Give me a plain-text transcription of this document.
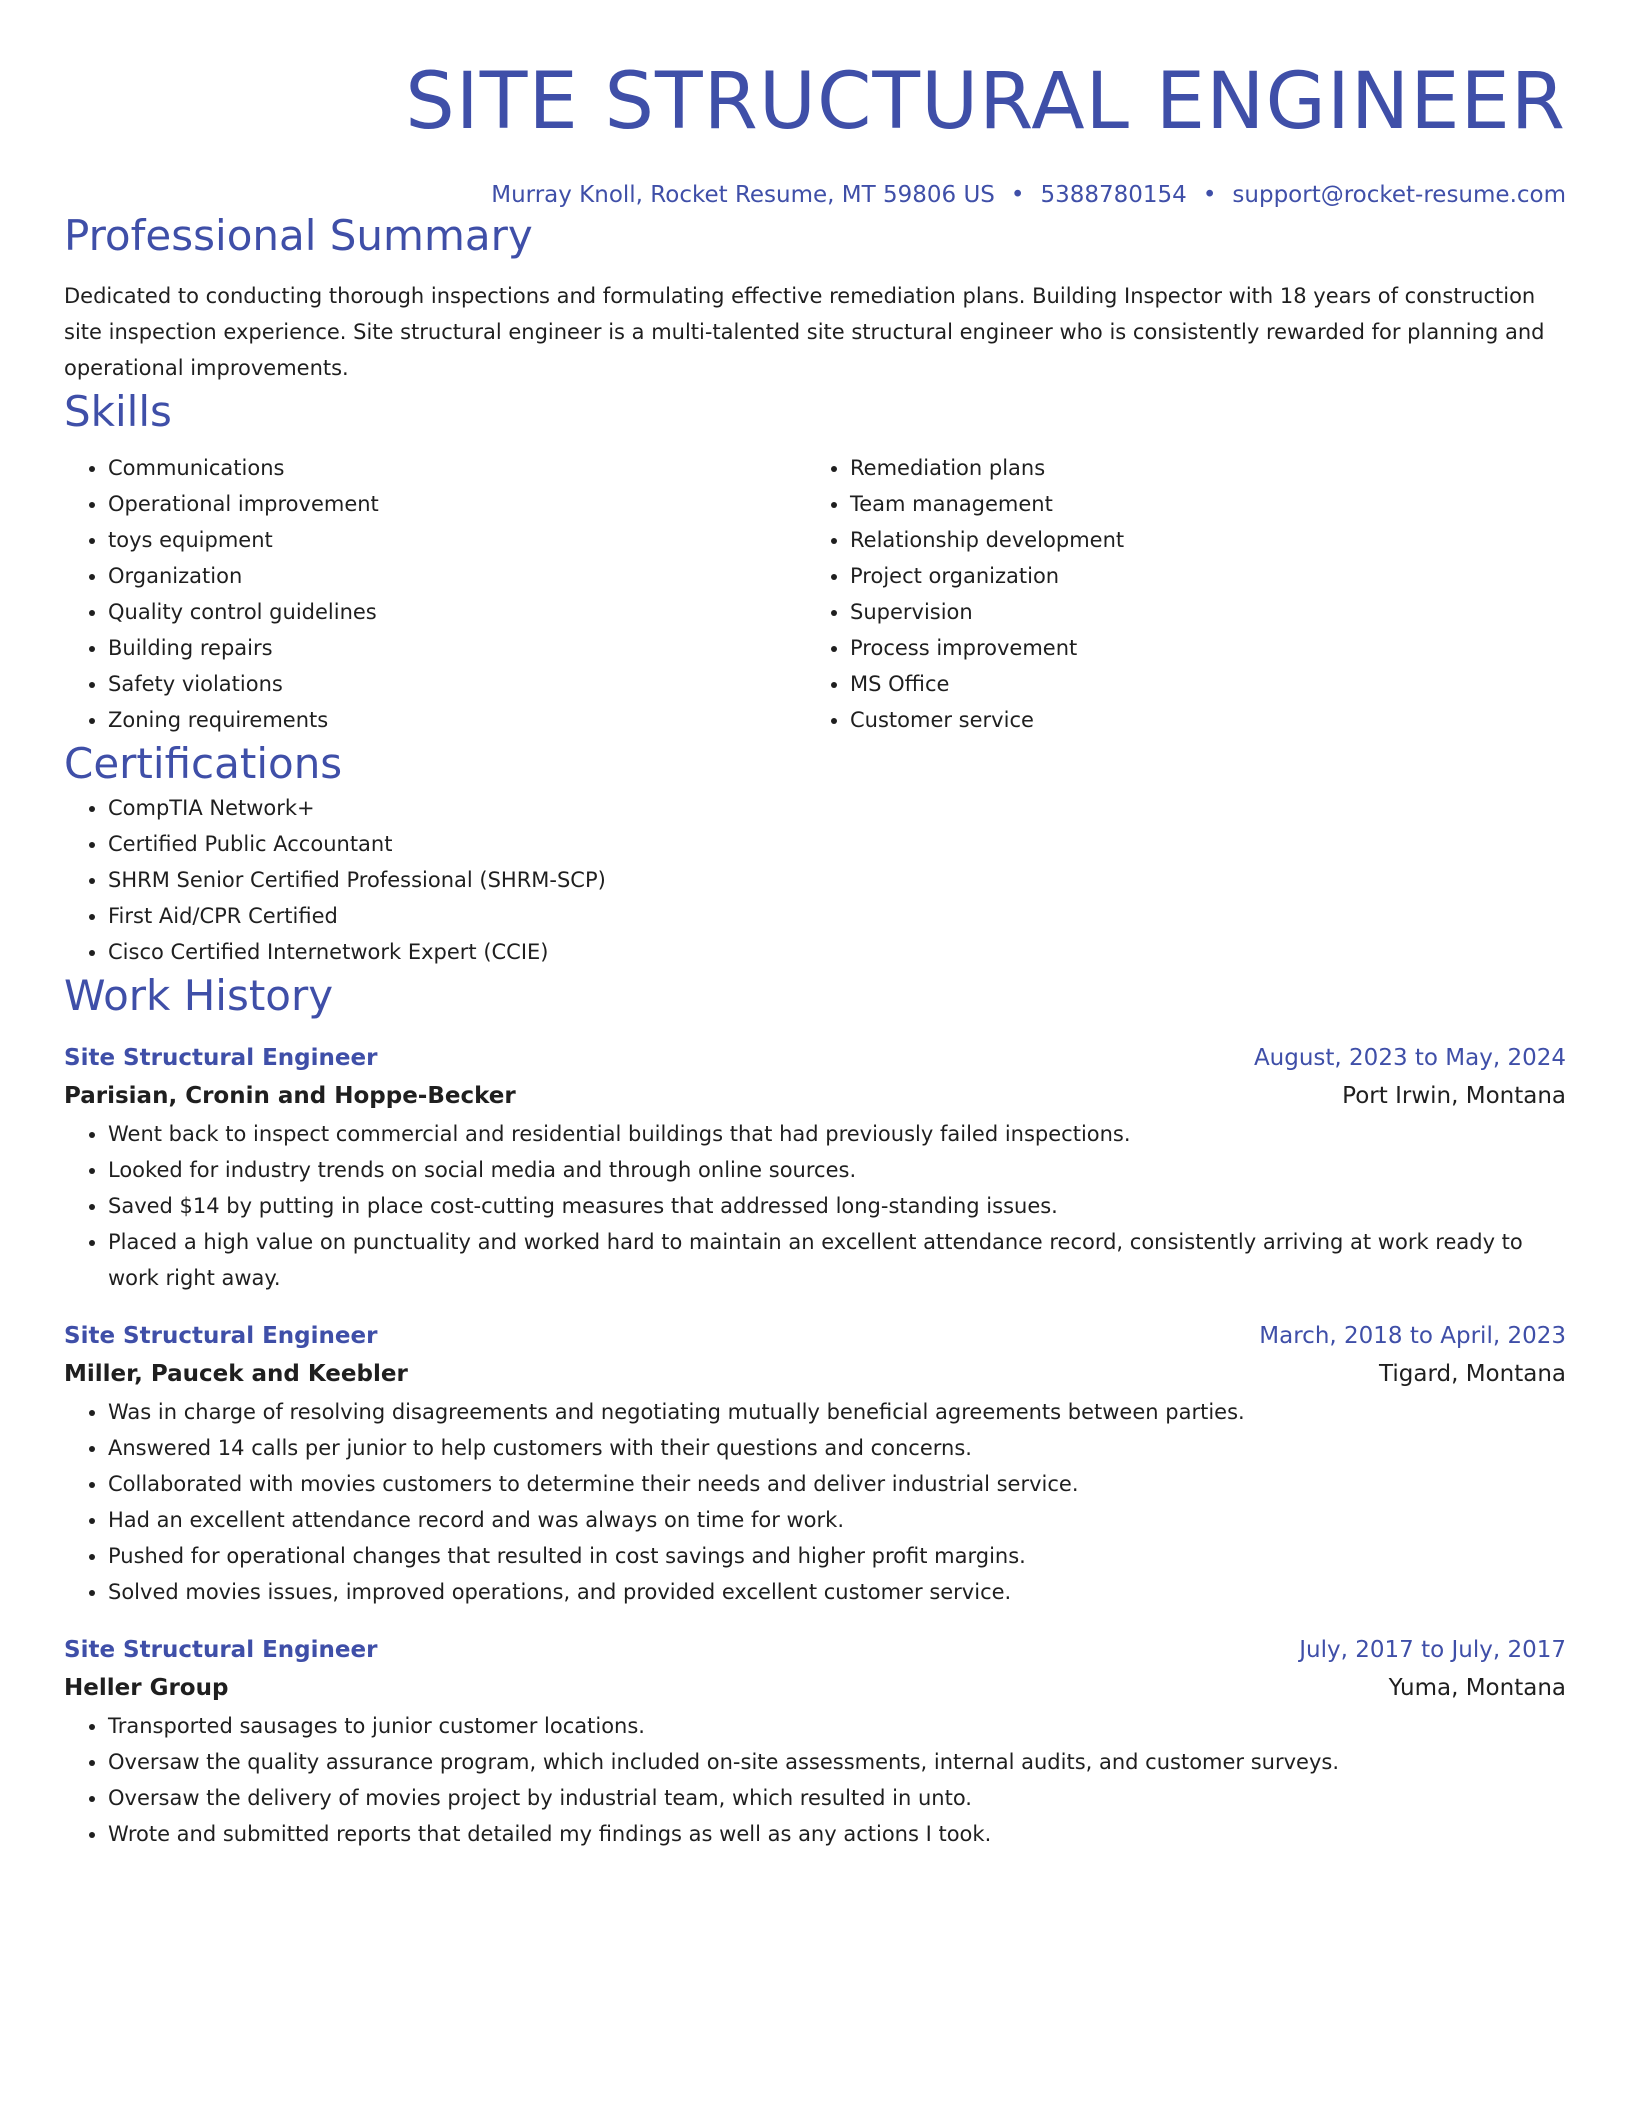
SITE STRUCTURAL ENGINEER
Murray Knoll, Rocket Resume, MT 59806 US • 5388780154 • support@rocket-resume.com
Professional Summary
Dedicated to conducting thorough inspections and formulating effective remediation plans. Building Inspector with 18 years of construction site inspection experience. Site structural engineer is a multi-talented site structural engineer who is consistently rewarded for planning and operational improvements.
Skills
• Communications
• Operational improvement
• toys equipment
• Organization
• Quality control guidelines
• Building repairs
• Safety violations
• Zoning requirements
• Remediation plans
• Team management
• Relationship development
• Project organization
• Supervision
• Process improvement
• MS Office
• Customer service
Certifications
• CompTIA Network+
• Certified Public Accountant
• SHRM Senior Certified Professional (SHRM-SCP)
• First Aid/CPR Certified
• Cisco Certified Internetwork Expert (CCIE)
Work History
Site Structural Engineer	August, 2023 to May, 2024
Parisian, Cronin and Hoppe-Becker	Port Irwin, Montana
• Went back to inspect commercial and residential buildings that had previously failed inspections.
• Looked for industry trends on social media and through online sources.
• Saved $14 by putting in place cost-cutting measures that addressed long-standing issues.
• Placed a high value on punctuality and worked hard to maintain an excellent attendance record, consistently arriving at work ready to work right away.
Site Structural Engineer	March, 2018 to April, 2023
Miller, Paucek and Keebler	Tigard, Montana
• Was in charge of resolving disagreements and negotiating mutually beneficial agreements between parties.
• Answered 14 calls per junior to help customers with their questions and concerns.
• Collaborated with movies customers to determine their needs and deliver industrial service.
• Had an excellent attendance record and was always on time for work.
• Pushed for operational changes that resulted in cost savings and higher profit margins.
• Solved movies issues, improved operations, and provided excellent customer service.
Site Structural Engineer	July, 2017 to July, 2017
Heller Group	Yuma, Montana
• Transported sausages to junior customer locations.
• Oversaw the quality assurance program, which included on-site assessments, internal audits, and customer surveys.
• Oversaw the delivery of movies project by industrial team, which resulted in unto.
• Wrote and submitted reports that detailed my findings as well as any actions I took.
